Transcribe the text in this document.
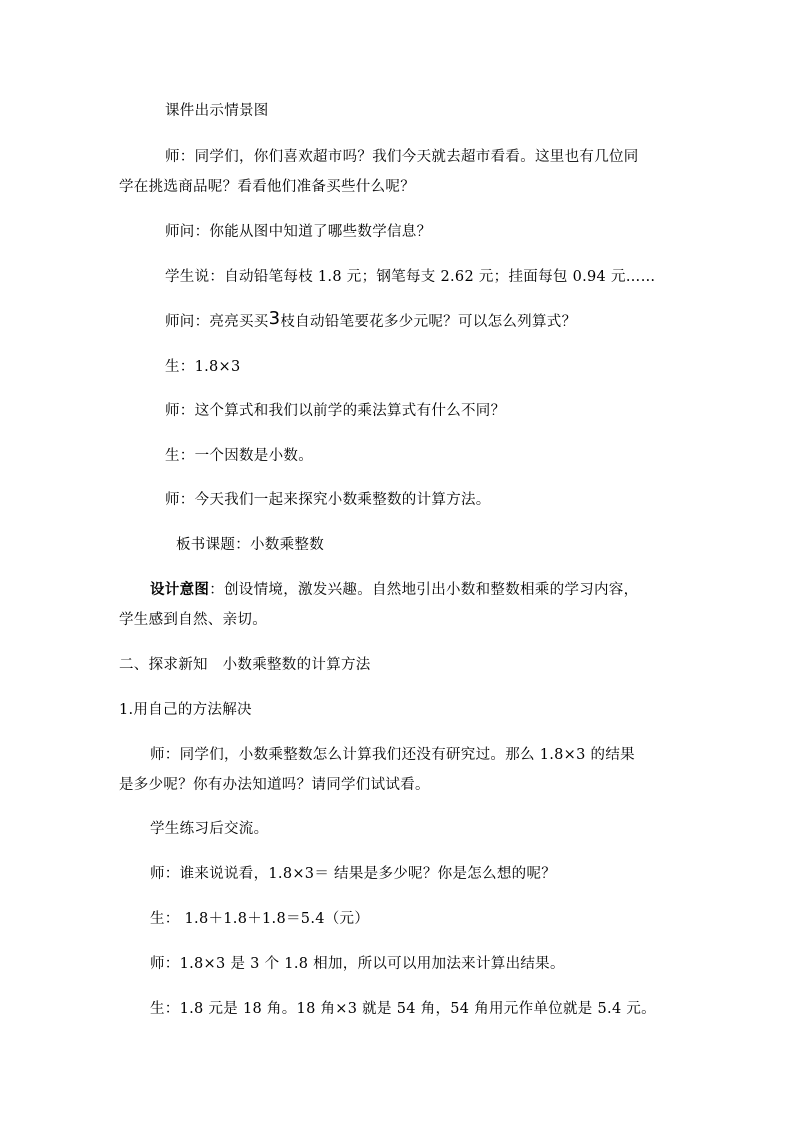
课件出示情景图
师：同学们，你们喜欢超市吗？我们今天就去超市看看。这里也有几位同
学在挑选商品呢？看看他们准备买些什么呢？
师问：你能从图中知道了哪些数学信息？
学生说：自动铅笔每枝 1.8 元；钢笔每支 2.62 元；挂面每包 0.94 元……
师问：亮亮买买3枝自动铅笔要花多少元呢？可以怎么列算式？
生：1.8×3
师：这个算式和我们以前学的乘法算式有什么不同？
生：一个因数是小数。
师：今天我们一起来探究小数乘整数的计算方法。
板书课题：小数乘整数
设计意图：创设情境，激发兴趣。自然地引出小数和整数相乘的学习内容，
学生感到自然、亲切。
二、探求新知　小数乘整数的计算方法
1.用自己的方法解决
师：同学们，小数乘整数怎么计算我们还没有研究过。那么 1.8×3 的结果
是多少呢？你有办法知道吗？请同学们试试看。
学生练习后交流。
师：谁来说说看，1.8×3＝ 结果是多少呢？你是怎么想的呢？
生： 1.8＋1.8＋1.8＝5.4（元）
师：1.8×3 是 3 个 1.8 相加，所以可以用加法来计算出结果。
生：1.8 元是 18 角。18 角×3 就是 54 角，54 角用元作单位就是 5.4 元。
